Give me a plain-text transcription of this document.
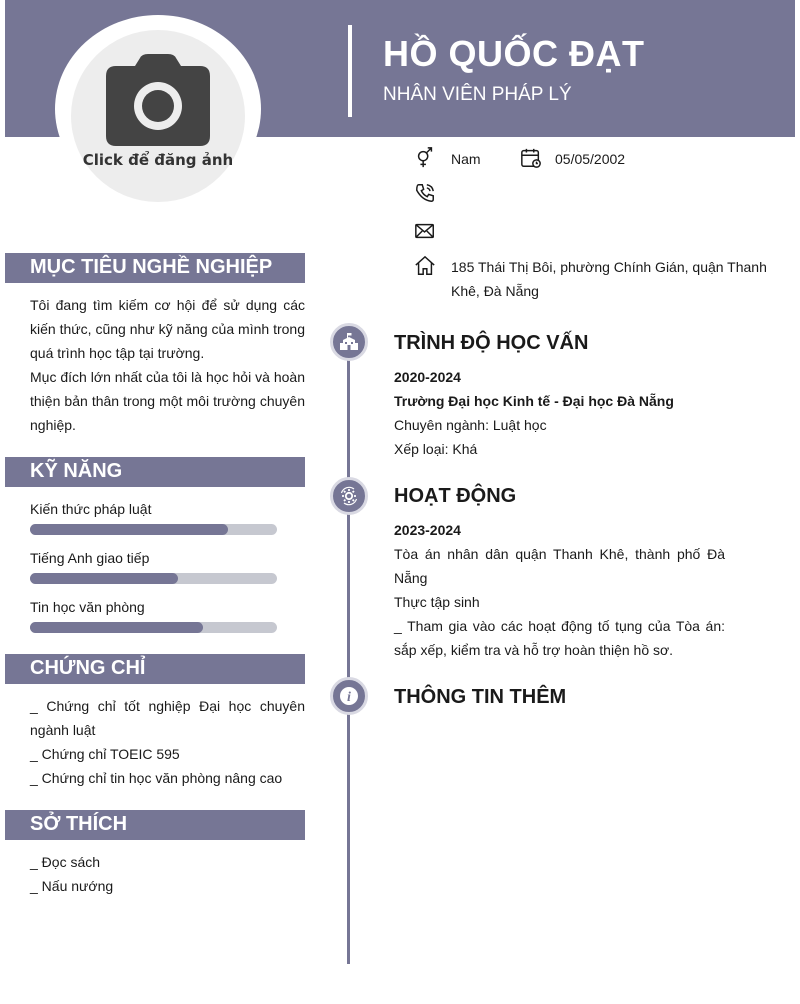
Click để đăng ảnh
HỒ QUỐC ĐẠT
NHÂN VIÊN PHÁP LÝ
Nam	05/05/2002
185 Thái Thị Bôi, phường Chính Gián, quận Thanh Khê, Đà Nẵng
MỤC TIÊU NGHỀ NGHIỆP
Tôi đang tìm kiếm cơ hội để sử dụng các kiến thức, cũng như kỹ năng của mình trong quá trình học tập tại trường.
Mục đích lớn nhất của tôi là học hỏi và hoàn thiện bản thân trong một môi trường chuyên nghiệp.
KỸ NĂNG
Kiến thức pháp luật
Tiếng Anh giao tiếp
Tin học văn phòng
CHỨNG CHỈ
_ Chứng chỉ tốt nghiệp Đại học chuyên ngành luật
_ Chứng chỉ TOEIC 595
_ Chứng chỉ tin học văn phòng nâng cao
SỞ THÍCH
_ Đọc sách
_ Nấu nướng
TRÌNH ĐỘ HỌC VẤN
2020-2024
Trường Đại học Kinh tế - Đại học Đà Nẵng
Chuyên ngành: Luật học
Xếp loại: Khá
HOẠT ĐỘNG
2023-2024
Tòa án nhân dân quận Thanh Khê, thành phố Đà Nẵng
Thực tập sinh
_ Tham gia vào các hoạt động tố tụng của Tòa án: sắp xếp, kiểm tra và hỗ trợ hoàn thiện hồ sơ.
i THÔNG TIN THÊM
